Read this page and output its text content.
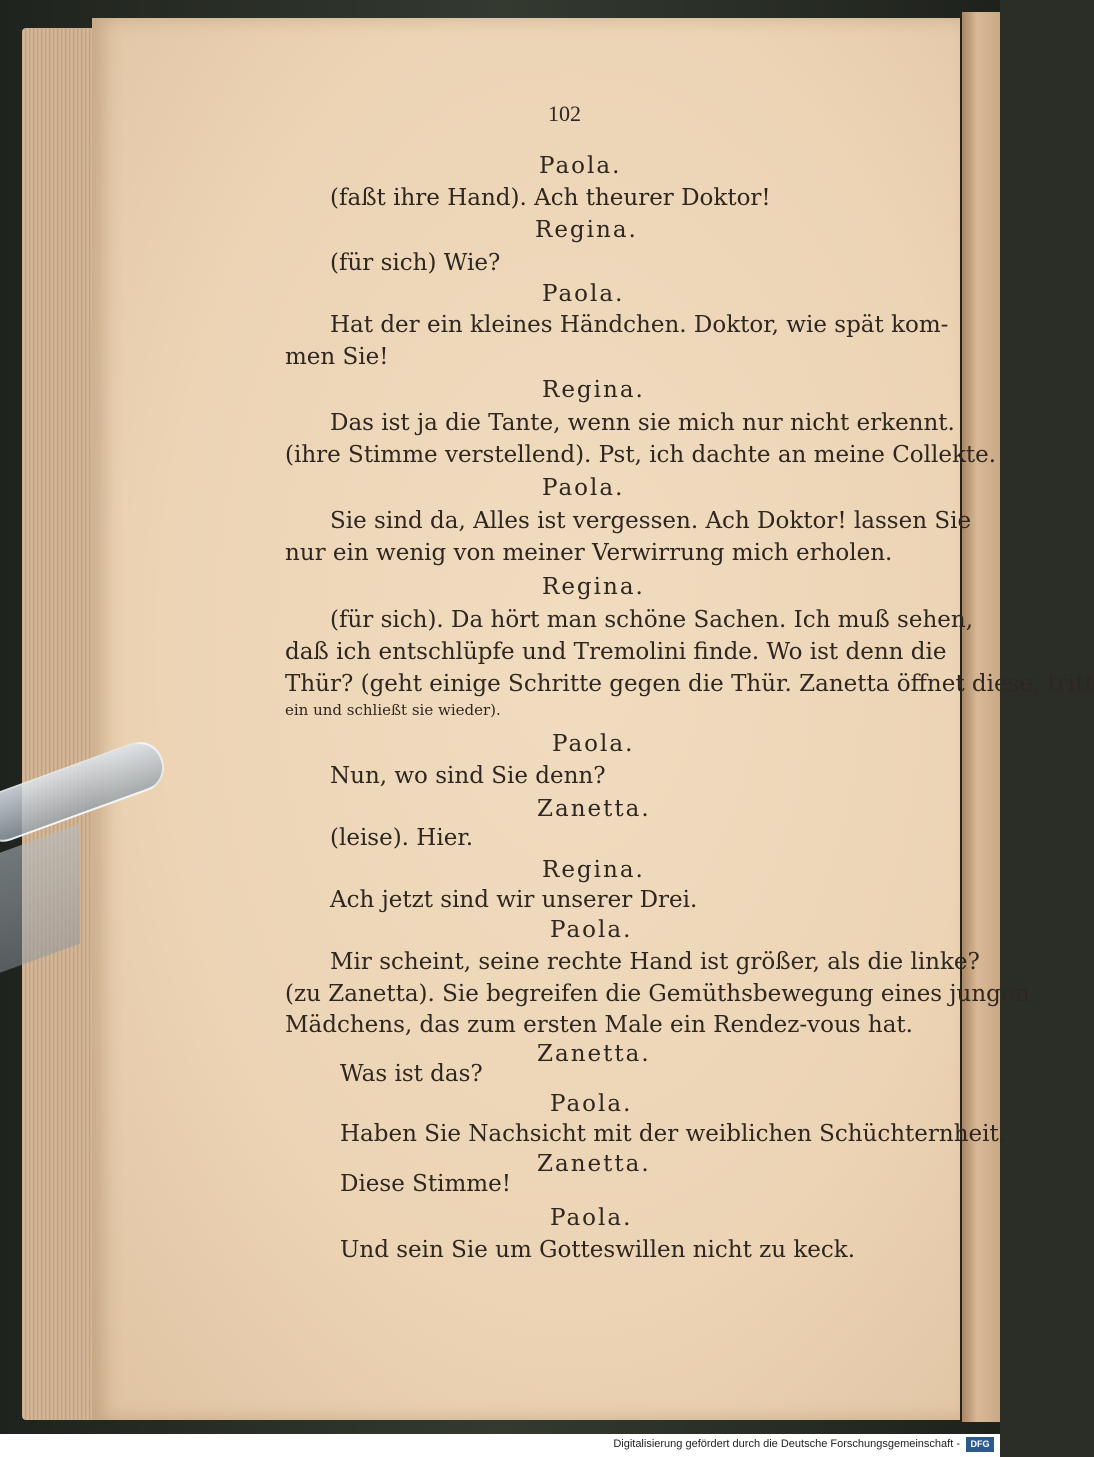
102
Paola.
(faßt ihre Hand). Ach theurer Doktor!
Regina.
(für sich) Wie?
Paola.
Hat der ein kleines Händchen. Doktor, wie spät kom-
men Sie!
Regina.
Das ist ja die Tante, wenn sie mich nur nicht erkennt.
(ihre Stimme verstellend). Pst, ich dachte an meine Collekte.
Paola.
Sie sind da, Alles ist vergessen. Ach Doktor! lassen Sie
nur ein wenig von meiner Verwirrung mich erholen.
Regina.
(für sich). Da hört man schöne Sachen. Ich muß sehen,
daß ich entschlüpfe und Tremolini finde. Wo ist denn die
Thür? (geht einige Schritte gegen die Thür. Zanetta öffnet diese, tritt
ein und schließt sie wieder).
Paola.
Nun, wo sind Sie denn?
Zanetta.
(leise). Hier.
Regina.
Ach jetzt sind wir unserer Drei.
Paola.
Mir scheint, seine rechte Hand ist größer, als die linke?
(zu Zanetta). Sie begreifen die Gemüthsbewegung eines jungen
Mädchens, das zum ersten Male ein Rendez-vous hat.
Zanetta.
Was ist das?
Paola.
Haben Sie Nachsicht mit der weiblichen Schüchternheit.
Zanetta.
Diese Stimme!
Paola.
Und sein Sie um Gotteswillen nicht zu keck.
Digitalisierung gefördert durch die Deutsche Forschungsgemeinschaft -	DFG
